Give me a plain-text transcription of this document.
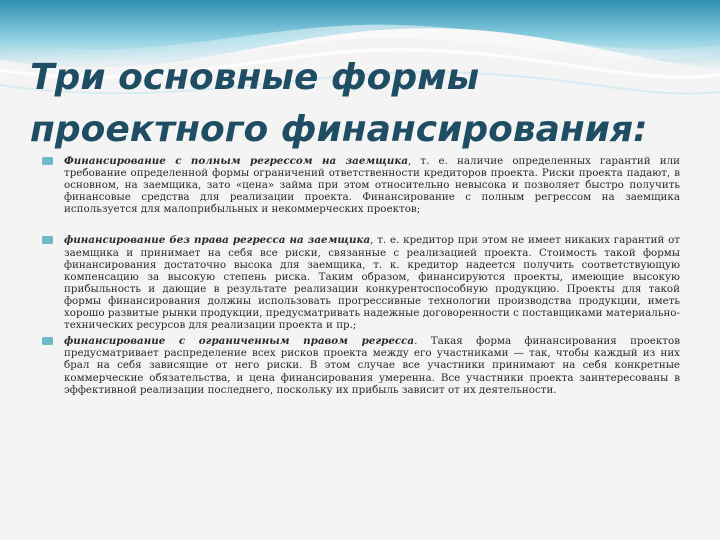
Три основные формы
проектного финансирования:
Финансирование с полным регрессом на заемщика, т. е. наличие определенных гарантий или требование определенной формы ограничений ответственности кредиторов проекта. Риски проекта падают, в основном, на заемщика, зато «цена» займа при этом относительно невысока и позволяет быстро получить финансовые средства для реализации проекта. Финансирование с полным регрессом на заемщика используется для малоприбыльных и некоммерческих проектов;
финансирование без права регресса на заемщика, т. е. кредитор при этом не имеет никаких гарантий от заемщика и принимает на себя все риски, связанные с реализацией проекта. Стоимость такой формы финансирования достаточно высока для заемщика, т. к. кредитор надеется получить соответствующую компенсацию за высокую степень риска. Таким образом, финансируются проекты, имеющие высокую прибыльность и дающие в результате реализации конкурентоспособную продукцию. Проекты для такой формы финансирования должны использовать прогрессивные технологии производства продукции, иметь хорошо развитые рынки продукции, предусматривать надежные договоренности с поставщиками материально-технических ресурсов для реализации проекта и пр.;
финансирование с ограниченным правом регресса. Такая форма финансирования проектов предусматривает распределение всех рисков проекта между его участниками — так, чтобы каждый из них брал на себя зависящие от него риски. В этом случае все участники принимают на себя конкретные коммерческие обязательства, и цена финансирования умеренна. Все участники проекта заинтересованы в эффективной реализации последнего, поскольку их прибыль зависит от их деятельности.
